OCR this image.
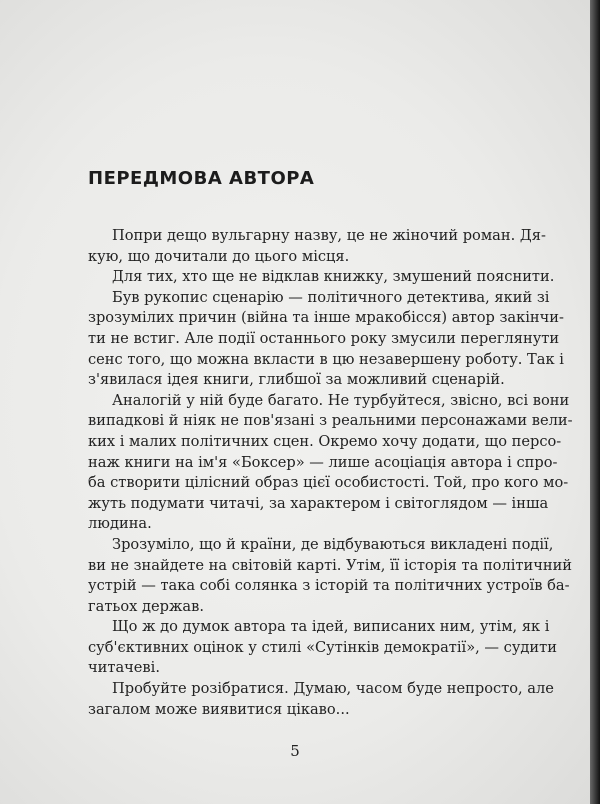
ПЕРЕДМОВА АВТОРА
Попри дещо вульгарну назву, це не жіночий роман. Дя-
кую, що дочитали до цього місця.
Для тих, хто ще не відклав книжку, змушений пояснити.
Був рукопис сценарію — політичного детектива, який зі
зрозумілих причин (війна та інше мракобісся) автор закінчи-
ти не встиг. Але події останнього року змусили переглянути
сенс того, що можна вкласти в цю незавершену роботу. Так і
з'явилася ідея книги, глибшої за можливий сценарій.
Аналогій у ній буде багато. Не турбуйтеся, звісно, всі вони
випадкові й ніяк не пов'язані з реальними персонажами вели-
ких і малих політичних сцен. Окремо хочу додати, що персо-
наж книги на ім'я «Боксер» — лише асоціація автора і спро-
ба створити цілісний образ цієї особистості. Той, про кого мо-
жуть подумати читачі, за характером і світоглядом — інша
людина.
Зрозуміло, що й країни, де відбуваються викладені події,
ви не знайдете на світовій карті. Утім, її історія та політичний
устрій — така собі солянка з історій та політичних устроїв ба-
гатьох держав.
Що ж до думок автора та ідей, виписаних ним, утім, як і
суб'єктивних оцінок у стилі «Сутінків демократії», — судити
читачеві.
Пробуйте розібратися. Думаю, часом буде непросто, але
загалом може виявитися цікаво...
5
